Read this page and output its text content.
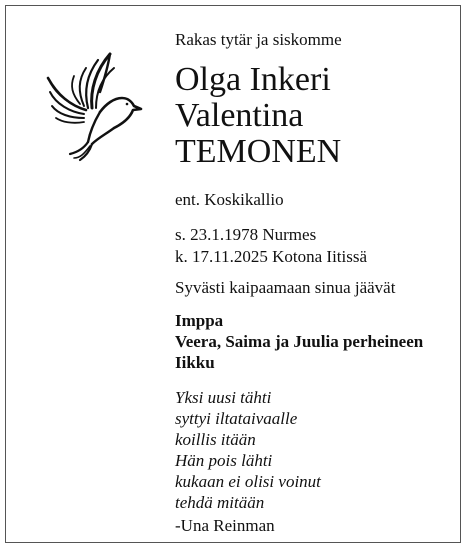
Rakas tytär ja siskomme
Olga Inkeri
Valentina
TEMONEN
ent. Koskikallio
s. 23.1.1978 Nurmes
k. 17.11.2025 Kotona Iitissä
Syvästi kaipaamaan sinua jäävät
Imppa
Veera, Saima ja Juulia perheineen
Iikku
Yksi uusi tähti
syttyi iltataivaalle
koillis itään
Hän pois lähti
kukaan ei olisi voinut
tehdä mitään
-Una Reinman
